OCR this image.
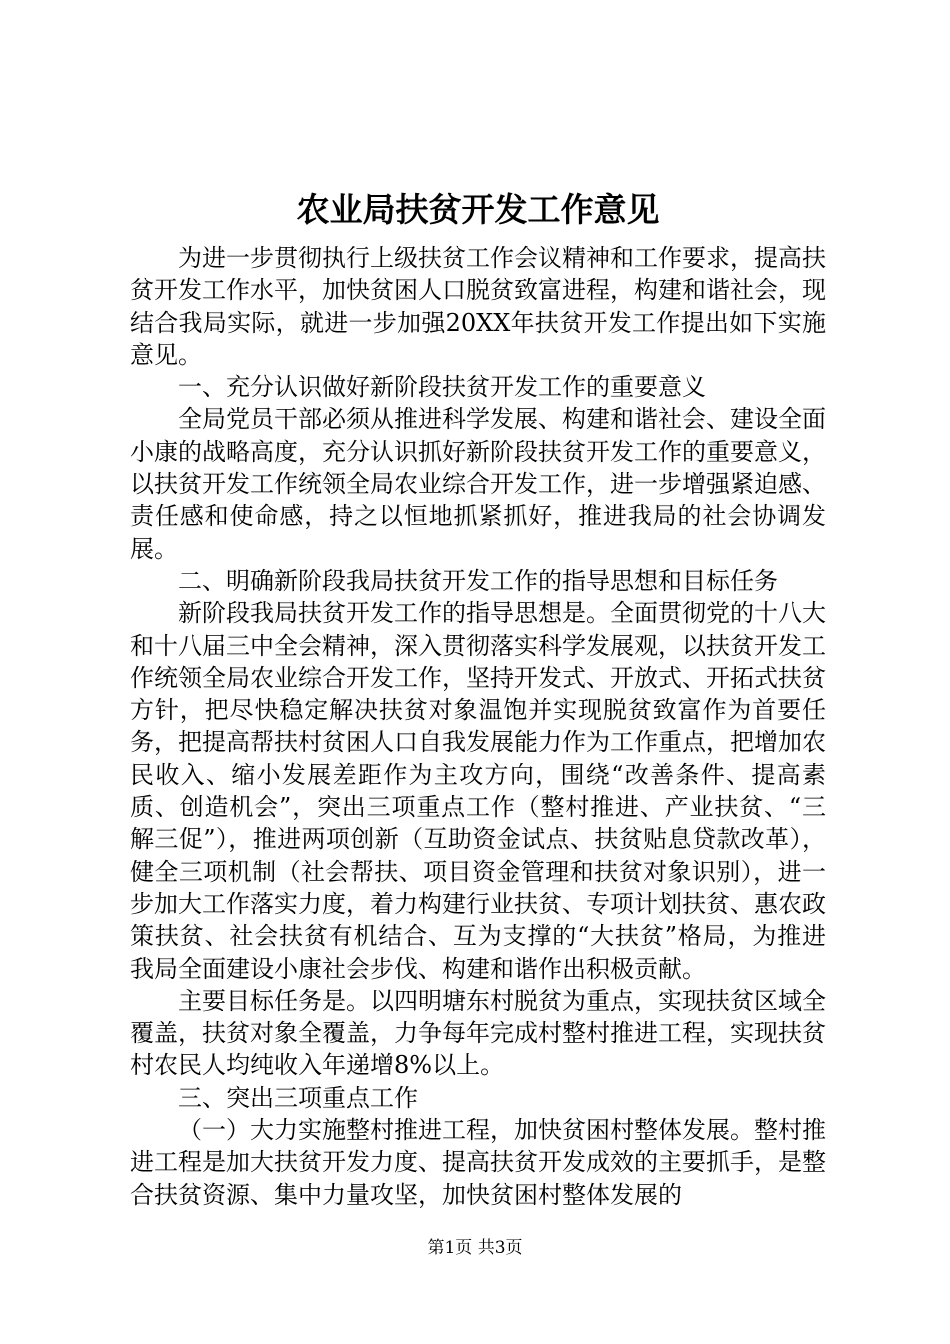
农业局扶贫开发工作意见

为进一步贯彻执行上级扶贫工作会议精神和工作要求，提高扶贫开发工作水平，加快贫困人口脱贫致富进程，构建和谐社会，现结合我局实际，就进一步加强20XX年扶贫开发工作提出如下实施意见。

一、充分认识做好新阶段扶贫开发工作的重要意义

全局党员干部必须从推进科学发展、构建和谐社会、建设全面小康的战略高度，充分认识抓好新阶段扶贫开发工作的重要意义，以扶贫开发工作统领全局农业综合开发工作，进一步增强紧迫感、责任感和使命感，持之以恒地抓紧抓好，推进我局的社会协调发展。

二、明确新阶段我局扶贫开发工作的指导思想和目标任务

新阶段我局扶贫开发工作的指导思想是。全面贯彻党的十八大和十八届三中全会精神，深入贯彻落实科学发展观，以扶贫开发工作统领全局农业综合开发工作，坚持开发式、开放式、开拓式扶贫方针，把尽快稳定解决扶贫对象温饱并实现脱贫致富作为首要任务，把提高帮扶村贫困人口自我发展能力作为工作重点，把增加农民收入、缩小发展差距作为主攻方向，围绕“改善条件、提高素质、创造机会”，突出三项重点工作（整村推进、产业扶贫、“三解三促”），推进两项创新（互助资金试点、扶贫贴息贷款改革），健全三项机制（社会帮扶、项目资金管理和扶贫对象识别），进一步加大工作落实力度，着力构建行业扶贫、专项计划扶贫、惠农政策扶贫、社会扶贫有机结合、互为支撑的“大扶贫”格局，为推进我局全面建设小康社会步伐、构建和谐作出积极贡献。

主要目标任务是。以四明塘东村脱贫为重点，实现扶贫区域全覆盖，扶贫对象全覆盖，力争每年完成村整村推进工程，实现扶贫村农民人均纯收入年递增8%以上。

三、突出三项重点工作

（一）大力实施整村推进工程，加快贫困村整体发展。整村推进工程是加大扶贫开发力度、提高扶贫开发成效的主要抓手，是整合扶贫资源、集中力量攻坚，加快贫困村整体发展的

第1页 共3页
